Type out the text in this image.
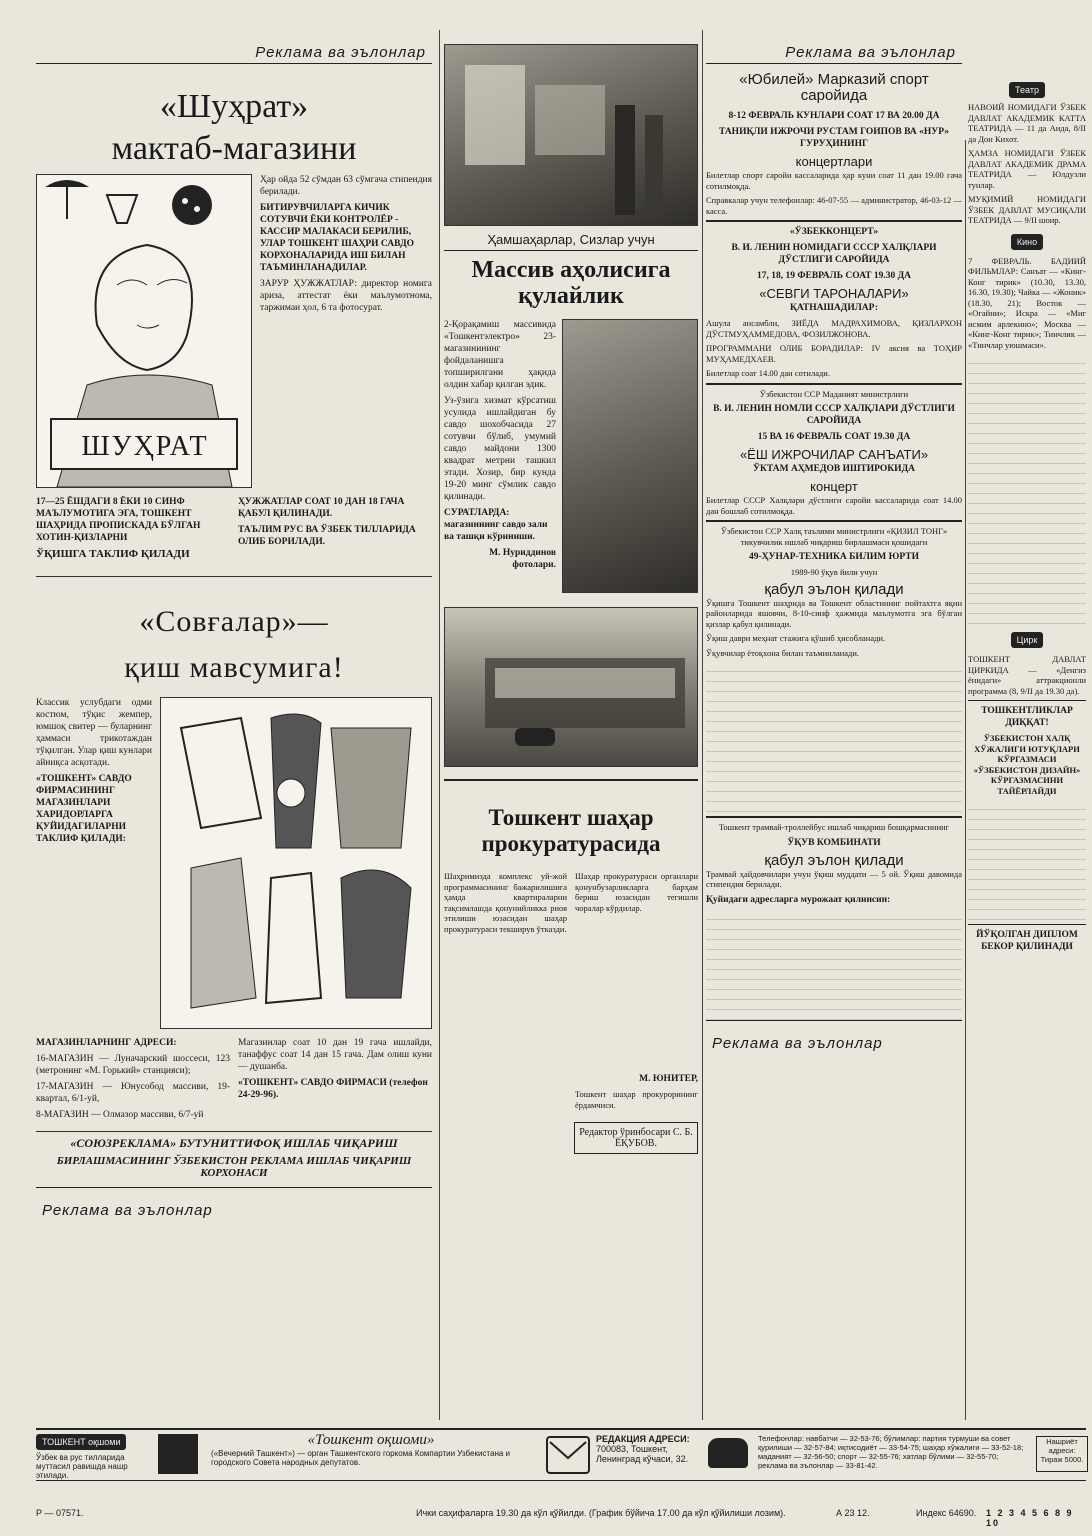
Реклама ва эълонлар
«Шуҳрат»
мактаб-магазини
ШУҲРАТ

Ҳар ойда 52 сўмдан 63 сўмгача стипендия берилади.

БИТИРУВЧИЛАРГА КИЧИК СОТУВЧИ ЁКИ КОНТРОЛЁР - КАССИР МАЛАКАСИ БЕРИЛИБ, УЛАР ТОШКЕНТ ШАҲРИ САВДО КОРХОНАЛАРИДА ИШ БИЛАН ТАЪМИНЛАНАДИЛАР.

ЗАРУР ҲУЖЖАТЛАР: директор номига ариза, аттестат ёки маълумотнома, таржимаи ҳол, 6 та фотосурат.

17—25 ЁШДАГИ 8 ЁКИ 10 СИНФ МАЪЛУМОТИГА ЭГА, ТОШКЕНТ ШАҲРИДА ПРОПИСКАДА БЎЛГАН ХОТИН-ҚИЗЛАРНИ

ЎҚИШГА ТАКЛИФ ҚИЛАДИ

ҲУЖЖАТЛАР СОАТ 10 ДАН 18 ГАЧА ҚАБУЛ ҚИЛИНАДИ.

ТАЪЛИМ РУС ВА ЎЗБЕК ТИЛЛАРИДА ОЛИБ БОРИЛАДИ.

«Совғалар»—
қиш мавсумига!

Классик услубдаги одми костюм, тўқис жемпер, юмшоқ свитер — буларнинг ҳаммаси трикотаждан тўқилган. Улар қиш кунлари айниқса асқотади.

«ТОШКЕНТ» САВДО ФИРМАСИНИНГ МАГАЗИНЛАРИ ХАРИДОРЛАРГА ҚУЙИДАГИЛАРНИ ТАКЛИФ ҚИЛАДИ:

МАГАЗИНЛАРНИНГ АДРЕСИ:

16-МАГАЗИН — Луначарский шоссеси, 123 (метронинг «М. Горький» станцияси);

17-МАГАЗИН — Юнусобод массиви, 19-квартал, 6/1-уй,

8-МАГАЗИН — Олмазор массиви, 6/7-уй

Магазинлар соат 10 дан 19 гача ишлайди, танаффус соат 14 дан 15 гача. Дам олиш куни — душанба.

«ТОШКЕНТ» САВДО ФИРМАСИ (телефон 24-29-96).

«СОЮЗРЕКЛАМА» БУТУНИТТИФОҚ ИШЛАБ ЧИҚАРИШ
БИРЛАШМАСИНИНГ ЎЗБЕКИСТОН РЕКЛАМА ИШЛАБ ЧИҚАРИШ КОРХОНАСИ
Реклама ва эълонлар
Ҳамшаҳарлар, Сизлар учун
Массив аҳолисига қулайлик

2-Қорақамиш массивида «Тошкентэлектро» 23-магазинининг фойдаланишга топширилгани ҳақида олдин хабар қилган эдик.

Уз-ўзига хизмат кўрсатиш усулида ишлайдиган бу савдо шохобчасида 27 сотувчи бўлиб, умумий савдо майдони 1300 квадрат метрни ташкил этади. Хозир, бир кунда 19-20 минг сўмлик савдо қилинади.

СУРАТЛАРДА: магазиннинг савдо зали ва ташқи кўриниши.

М. Нуриддинов фотолари.

Тошкент шаҳар прокуратурасида

Шаҳримизда комплекс уй-жой программасининг бажарилишига ҳамда квартираларни тақсимлашда қонунийликка риоя этилиши юзасидан шаҳар прокуратураси текширув ўтказди.

Шаҳар прокуратураси органлари қонунбузарликларга барҳам бериш юзасидан тегишли чоралар кўрдилар.

М. ЮНИТЕР,

Тошкент шаҳар прокурорининг ёрдамчиси.

Редактор ўринбосари С. Б. ЁҚУБОВ.
Реклама ва эълонлар
«Юбилей» Марказий спорт саройида

8-12 ФЕВРАЛЬ КУНЛАРИ СОАТ 17 ВА 20.00 ДА

ТАНИҚЛИ ИЖРОЧИ РУСТАМ ГОИПОВ ВА «НУР» ГУРУҲИНИНГ

концертлари

Билетлар спорт саройи кассаларида ҳар куни соат 11 дан 19.00 гача сотилмоқда.

Справкалар учун телефонлар: 46-07-55 — администратор, 46-03-12 — касса.

«ЎЗБЕККОНЦЕРТ»

В. И. ЛЕНИН НОМИДАГИ СССР ХАЛҚЛАРИ ДЎСТЛИГИ САРОЙИДА

17, 18, 19 ФЕВРАЛЬ СОАТ 19.30 ДА

«СЕВГИ ТАРОНАЛАРИ»

ҚАТНАШАДИЛАР:

Ашула ансамбли, ЗИЁДА МАДРАХИМОВА, ҚИЗЛАРХОН ДЎСТМУҲАММЕДОВА, ФОЗИЛЖОНОВА.

ПРОГРАММАНИ ОЛИБ БОРАДИЛАР: IV аксия ва ТОҲИР МУҲАМЕДХАЕВ.

Билетлар соат 14.00 дан сотилади.

Ўзбекистон ССР Маданият министрлиги

В. И. ЛЕНИН НОМЛИ СССР ХАЛҚЛАРИ ДЎСТЛИГИ САРОЙИДА

15 ВА 16 ФЕВРАЛЬ СОАТ 19.30 ДА

«ЁШ ИЖРОЧИЛАР САНЪАТИ»

ЎКТАМ АҲМЕДОВ ИШТИРОКИДА

концерт

Билетлар СССР Халқлари дўстлиги саройи кассаларида соат 14.00 дан бошлаб сотилмоқда.

Ўзбекистон ССР Халқ таълими министрлиги «ҚИЗИЛ ТОНГ» тикувчилик ишлаб чиқариш бирлашмаси қошидаги

49-ҲУНАР-ТЕХНИКА БИЛИМ ЮРТИ

1989-90 ўқув йили учун

қабул эълон қилади

Ўқишга Тошкент шаҳрида ва Тошкент областининг пойтахтга яқин районларида яшовчи, 8-10-синф ҳажмида маълумотга эга бўлган қизлар қабул қилинади.

Ўқиш даври меҳнат стажига қўшиб ҳисобланади.

Ўқувчилар ётоқхона билан таъминланади.

Тошкент трамвай-троллейбус ишлаб чиқариш бошқармасининг

ЎҚУВ КОМБИНАТИ

қабул эълон қилади

Трамвай ҳайдовчилари учун ўқиш муддати — 5 ой. Ўқиш давомида стипендия берилади.

Қуйидаги адресларга мурожаат қилинсин:

Реклама ва эълонлар
Театр

НАВОИЙ НОМИДАГИ ЎЗБЕК ДАВЛАТ АКАДЕМИК КАТТА ТЕАТРИДА — 11 да Аида, 8/II да Дон Кихот.

ҲАМЗА НОМИДАГИ ЎЗБЕК ДАВЛАТ АКАДЕМИК ДРАМА ТЕАТРИДА — Юлдузли тунлар.

МУҚИМИЙ НОМИДАГИ ЎЗБЕК ДАВЛАТ МУСИҚАЛИ ТЕАТРИДА — 9/II шоир.

Кино

7 ФЕВРАЛЬ. БАДИИЙ ФИЛЬМЛАР: Санъат — «Кинг-Конг тирик» (10.30, 13.30, 16.30, 19.30); Чайка — «Жоник» (18.30, 21); Восток — «Огайни»; Искра — «Миг исмим арлекино»; Москва — «Кинг-Конг тирик»; Тинчлик — «Тинчлар уюшмаси».

Цирк

ТОШКЕНТ ДАВЛАТ ЦИРКИДА — «Денгиз ёнидаги» аттракционли программа (8, 9/II да 19.30 да).

ТОШКЕНТЛИКЛАР ДИҚҚАТ!

ЎЗБЕКИСТОН ХАЛҚ ХЎЖАЛИГИ ЮТУҚЛАРИ КЎРГАЗМАСИ «ЎЗБЕКИСТОН ДИЗАЙН» КЎРГАЗМАСИНИ ТАЙЁРЛАЙДИ

ЙЎҚОЛГАН ДИПЛОМ БЕКОР ҚИЛИНАДИ

ТОШКЕНТ оқшоми
Ўзбек ва рус тилларида муттасил равишда нашр этилади.
«Тошкент оқшоми»
(«Вечерний Ташкент») — орган Ташкентского горкома Компартии Узбекистана и городского Совета народных депутатов.
РЕДАКЦИЯ АДРЕСИ:
700083, Тошкент, Ленинград кўчаси, 32.
Телефонлар: навбатчи — 32-53-76; бўлимлар: партия турмуши ва совет қурилиши — 32-57-84; иқтисодиёт — 33-54-75; шаҳар хўжалиги — 33-52-18; маданият — 32-56-50; спорт — 32-55-76; хатлар бўлими — 32-55-70; реклама ва эълонлар — 33-81-42.
Нашриёт адреси: Тираж 5000.
Р — 07571.	Ички саҳифаларга 19.30 да кўл қўйилди. (График бўйича 17.00 да кўл қўйилиши лозим).	А 23 12.	Индекс 64690. 1 2 3 4 5 6 8 9 10
